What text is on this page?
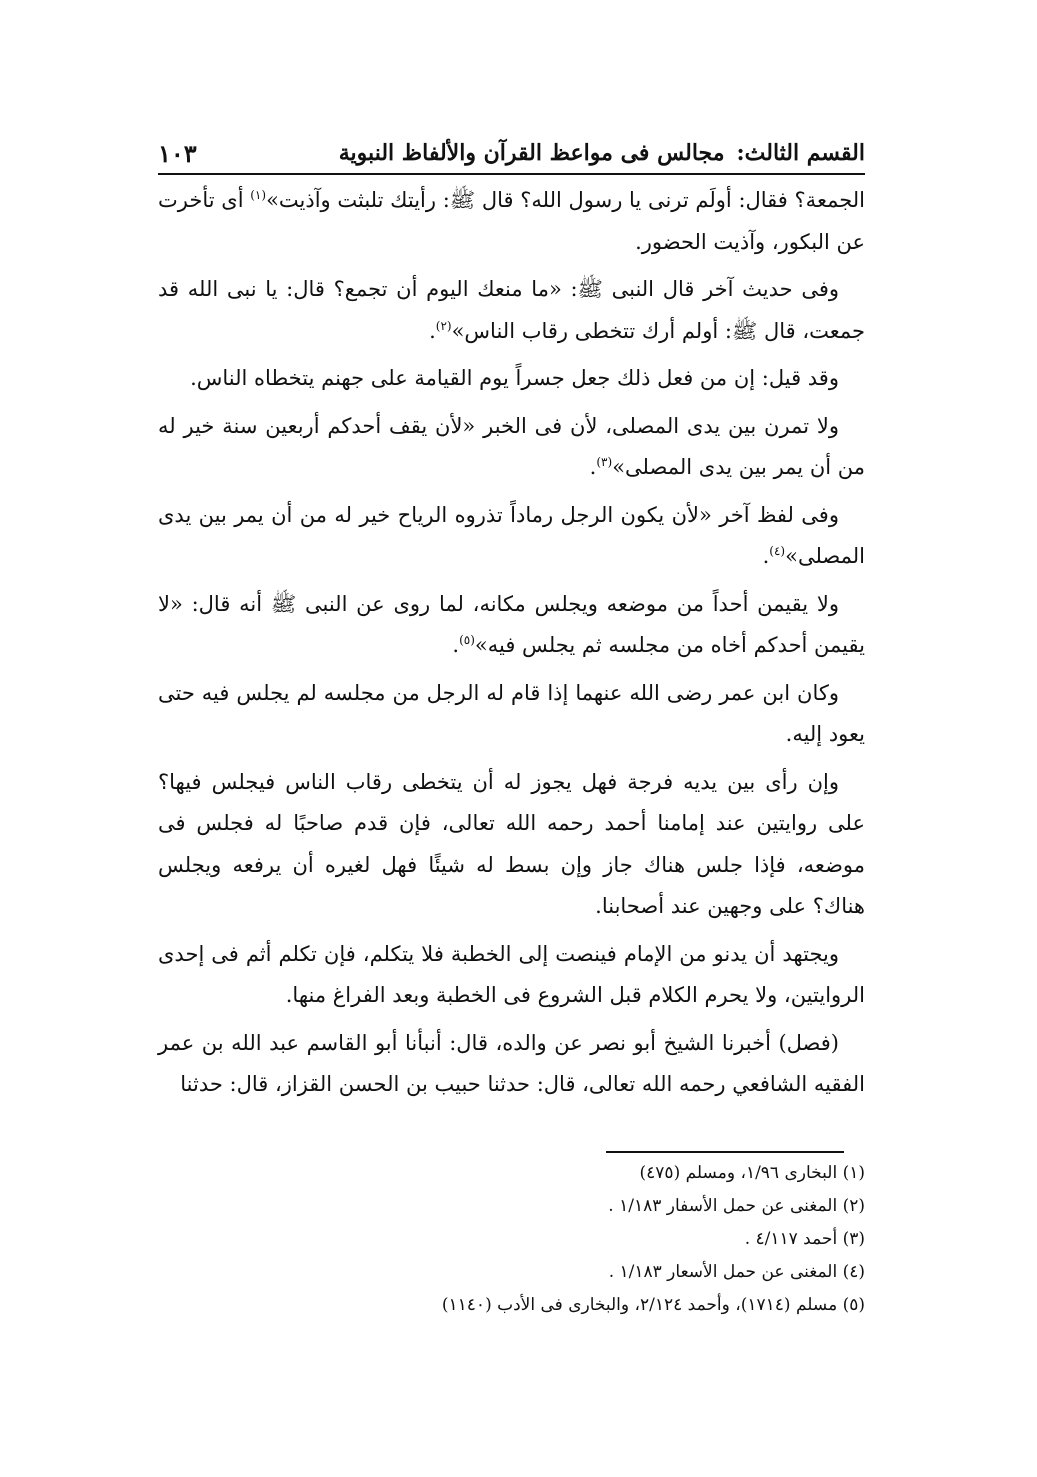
القسم الثالث:مجالس فى مواعظ القرآن والألفاظ النبوية
١٠٣

الجمعة؟ فقال: أولَم ترنى يا رسول الله؟ قال ﷺ: رأيتك تلبثت وآذيت»$^{(١)}$ أى تأخرت عن البكور، وآذيت الحضور.

وفى حديث آخر قال النبى ﷺ: «ما منعك اليوم أن تجمع؟ قال: يا نبى الله قد جمعت، قال ﷺ: أولم أرك تتخطى رقاب الناس»$^{(٢)}$.

وقد قيل: إن من فعل ذلك جعل جسراً يوم القيامة على جهنم يتخطاه الناس.

ولا تمرن بين يدى المصلى، لأن فى الخبر «لأن يقف أحدكم أربعين سنة خير له من أن يمر بين يدى المصلى»$^{(٣)}$.

وفى لفظ آخر «لأن يكون الرجل رماداً تذروه الرياح خير له من أن يمر بين يدى المصلى»$^{(٤)}$.

ولا يقيمن أحداً من موضعه ويجلس مكانه، لما روى عن النبى ﷺ أنه قال: «لا يقيمن أحدكم أخاه من مجلسه ثم يجلس فيه»$^{(٥)}$.

وكان ابن عمر رضى الله عنهما إذا قام له الرجل من مجلسه لم يجلس فيه حتى يعود إليه.

وإن رأى بين يديه فرجة فهل يجوز له أن يتخطى رقاب الناس فيجلس فيها؟ على روايتين عند إمامنا أحمد رحمه الله تعالى، فإن قدم صاحبًا له فجلس فى موضعه، فإذا جلس هناك جاز وإن بسط له شيئًا فهل لغيره أن يرفعه ويجلس هناك؟ على وجهين عند أصحابنا.

ويجتهد أن يدنو من الإمام فينصت إلى الخطبة فلا يتكلم، فإن تكلم أثم فى إحدى الروايتين، ولا يحرم الكلام قبل الشروع فى الخطبة وبعد الفراغ منها.

(فصل) أخبرنا الشيخ أبو نصر عن والده، قال: أنبأنا أبو القاسم عبد الله بن عمر الفقيه الشافعي رحمه الله تعالى، قال: حدثنا حبيب بن الحسن القزاز، قال: حدثنا

(١) البخارى ١/٩٦، ومسلم (٤٧٥)
(٢) المغنى عن حمل الأسفار ١/١٨٣ .
(٣) أحمد ٤/١١٧ .
(٤) المغنى عن حمل الأسعار ١/١٨٣ .
(٥) مسلم (١٧١٤)، وأحمد ٢/١٢٤، والبخارى فى الأدب (١١٤٠)
